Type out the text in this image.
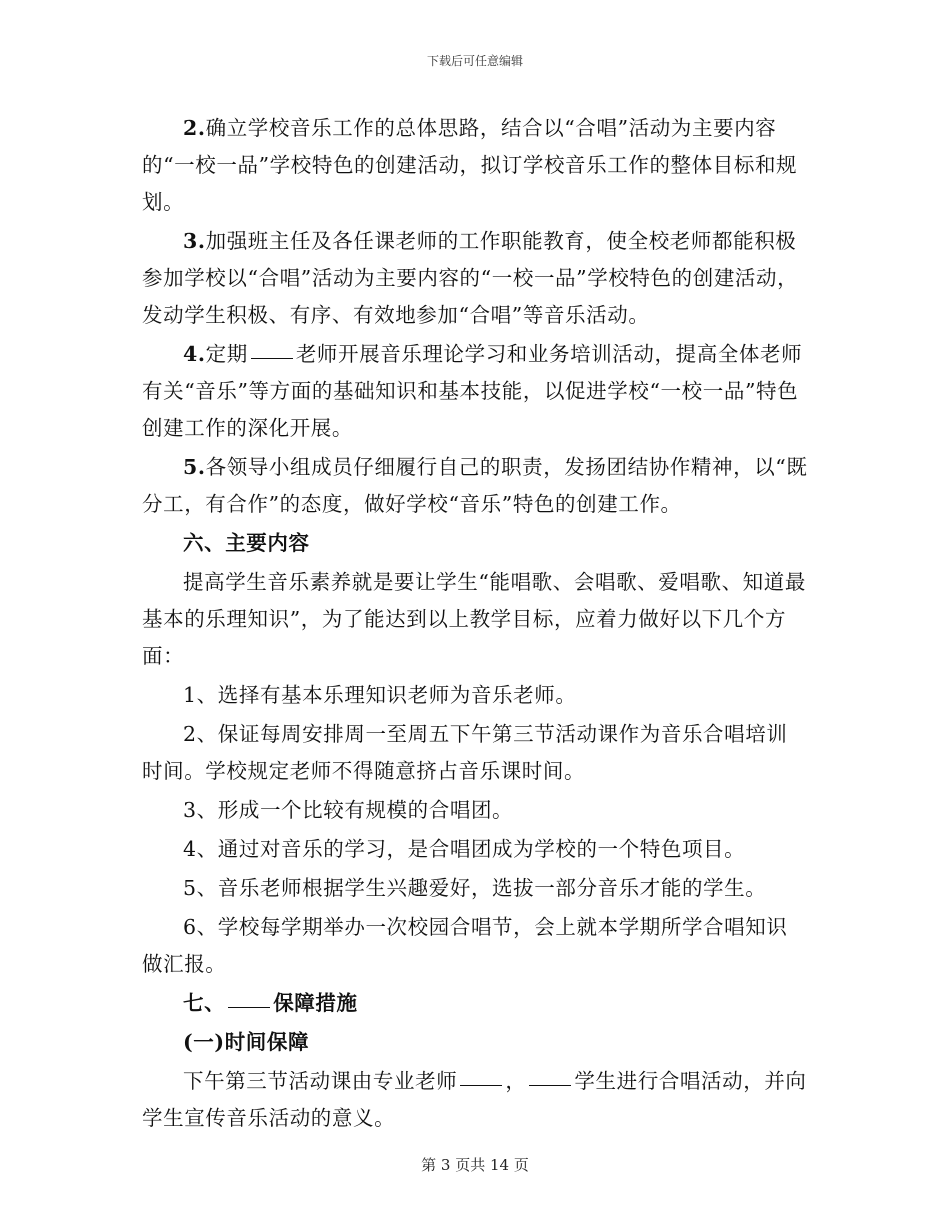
下载后可任意编辑

2.确立学校音乐工作的总体思路，结合以“合唱”活动为主要内容的“一校一品”学校特色的创建活动，拟订学校音乐工作的整体目标和规划。

3.加强班主任及各任课老师的工作职能教育，使全校老师都能积极参加学校以“合唱”活动为主要内容的“一校一品”学校特色的创建活动，发动学生积极、有序、有效地参加“合唱”等音乐活动。

4.定期 老师开展音乐理论学习和业务培训活动，提高全体老师有关“音乐”等方面的基础知识和基本技能，以促进学校“一校一品”特色创建工作的深化开展。

5.各领导小组成员仔细履行自己的职责，发扬团结协作精神，以“既分工，有合作”的态度，做好学校“音乐”特色的创建工作。

六、主要内容

提高学生音乐素养就是要让学生“能唱歌、会唱歌、爱唱歌、知道最基本的乐理知识”，为了能达到以上教学目标，应着力做好以下几个方面：

1、选择有基本乐理知识老师为音乐老师。

2、保证每周安排周一至周五下午第三节活动课作为音乐合唱培训时间。学校规定老师不得随意挤占音乐课时间。

3、形成一个比较有规模的合唱团。

4、通过对音乐的学习，是合唱团成为学校的一个特色项目。

5、音乐老师根据学生兴趣爱好，选拔一部分音乐才能的学生。

6、学校每学期举办一次校园合唱节，会上就本学期所学合唱知识做汇报。

七、 保障措施

(一)时间保障

下午第三节活动课由专业老师 ， 学生进行合唱活动，并向学生宣传音乐活动的意义。

第 3 页共 14 页
